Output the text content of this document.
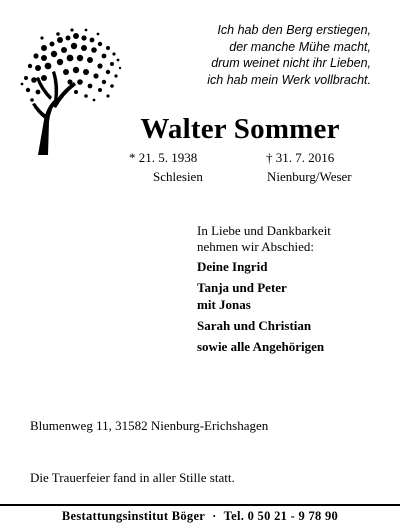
Ich hab den Berg erstiegen,
der manche Mühe macht,
drum weinet nicht ihr Lieben,
ich hab mein Werk vollbracht.
Walter Sommer
* 21. 5. 1938	† 31. 7. 2016
Schlesien	Nienburg/Weser
In Liebe und Dankbarkeit
nehmen wir Abschied:
Deine Ingrid
Tanja und Peter
mit Jonas
Sarah und Christian
sowie alle Angehörigen
Blumenweg 11, 31582 Nienburg-Erichshagen
Die Trauerfeier fand in aller Stille statt.
Bestattungsinstitut Böger · Tel. 0 50 21 - 9 78 90
